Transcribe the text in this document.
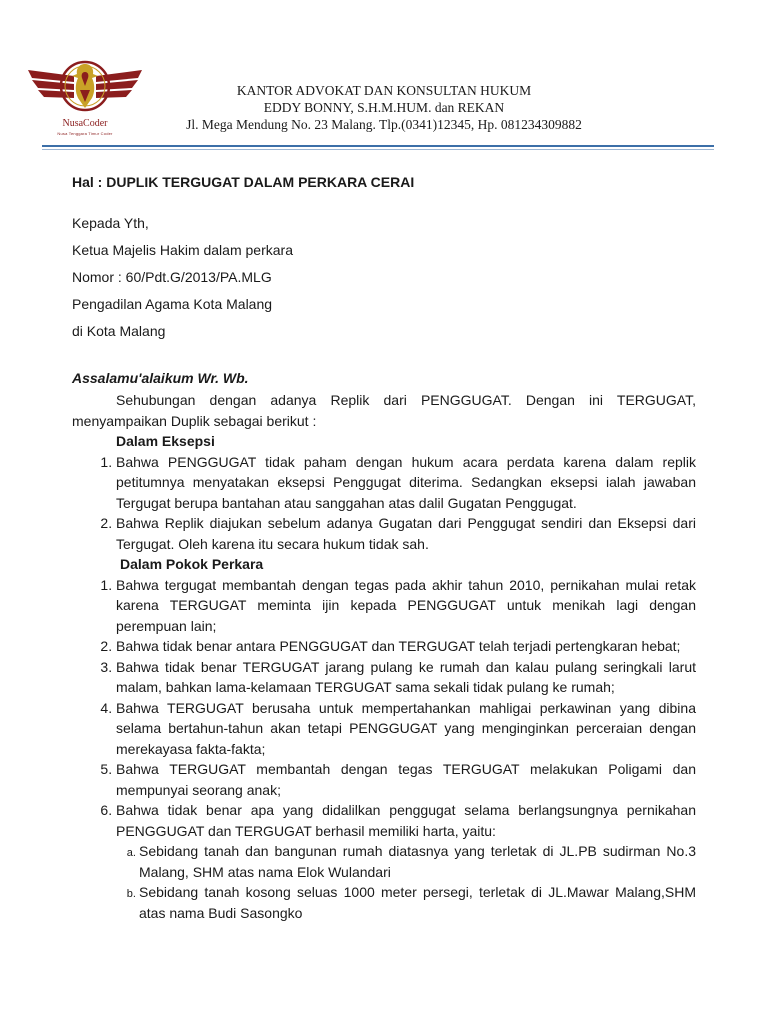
NusaCoder
Nusa Tenggara Timur Coder
KANTOR ADVOKAT DAN KONSULTAN HUKUM
EDDY BONNY, S.H.M.HUM. dan REKAN
Jl. Mega Mendung No. 23 Malang. Tlp.(0341)12345, Hp. 081234309882
Hal : DUPLIK TERGUGAT DALAM PERKARA CERAI
Kepada Yth,
Ketua Majelis Hakim dalam perkara
Nomor : 60/Pdt.G/2013/PA.MLG
Pengadilan Agama Kota Malang
di Kota Malang
Assalamu'alaikum Wr. Wb.

Sehubungan dengan adanya Replik dari PENGGUGAT. Dengan ini TERGUGAT, menyampaikan Duplik sebagai berikut :

Dalam Eksepsi

1. Bahwa PENGGUGAT tidak paham dengan hukum acara perdata karena dalam replik petitumnya menyatakan eksepsi Penggugat diterima. Sedangkan eksepsi ialah jawaban Tergugat berupa bantahan atau sanggahan atas dalil Gugatan Penggugat.
2. Bahwa Replik diajukan sebelum adanya Gugatan dari Penggugat sendiri dan Eksepsi dari Tergugat. Oleh karena itu secara hukum tidak sah.

Dalam Pokok Perkara

1. Bahwa tergugat membantah dengan tegas pada akhir tahun 2010, pernikahan mulai retak karena TERGUGAT meminta ijin kepada PENGGUGAT untuk menikah lagi dengan perempuan lain;
2. Bahwa tidak benar antara PENGGUGAT dan TERGUGAT telah terjadi pertengkaran hebat;
3. Bahwa tidak benar TERGUGAT jarang pulang ke rumah dan kalau pulang seringkali larut malam, bahkan lama-kelamaan TERGUGAT sama sekali tidak pulang ke rumah;
4. Bahwa TERGUGAT berusaha untuk mempertahankan mahligai perkawinan yang dibina selama bertahun-tahun akan tetapi PENGGUGAT yang menginginkan perceraian dengan merekayasa fakta-fakta;
5. Bahwa TERGUGAT membantah dengan tegas TERGUGAT melakukan Poligami dan mempunyai seorang anak;
6. Bahwa tidak benar apa yang didalilkan penggugat selama berlangsungnya pernikahan PENGGUGAT dan TERGUGAT berhasil memiliki harta, yaitu:
a. Sebidang tanah dan bangunan rumah diatasnya yang terletak di JL.PB sudirman No.3 Malang, SHM atas nama Elok Wulandari
b. Sebidang tanah kosong seluas 1000 meter persegi, terletak di JL.Mawar Malang,SHM atas nama Budi Sasongko
